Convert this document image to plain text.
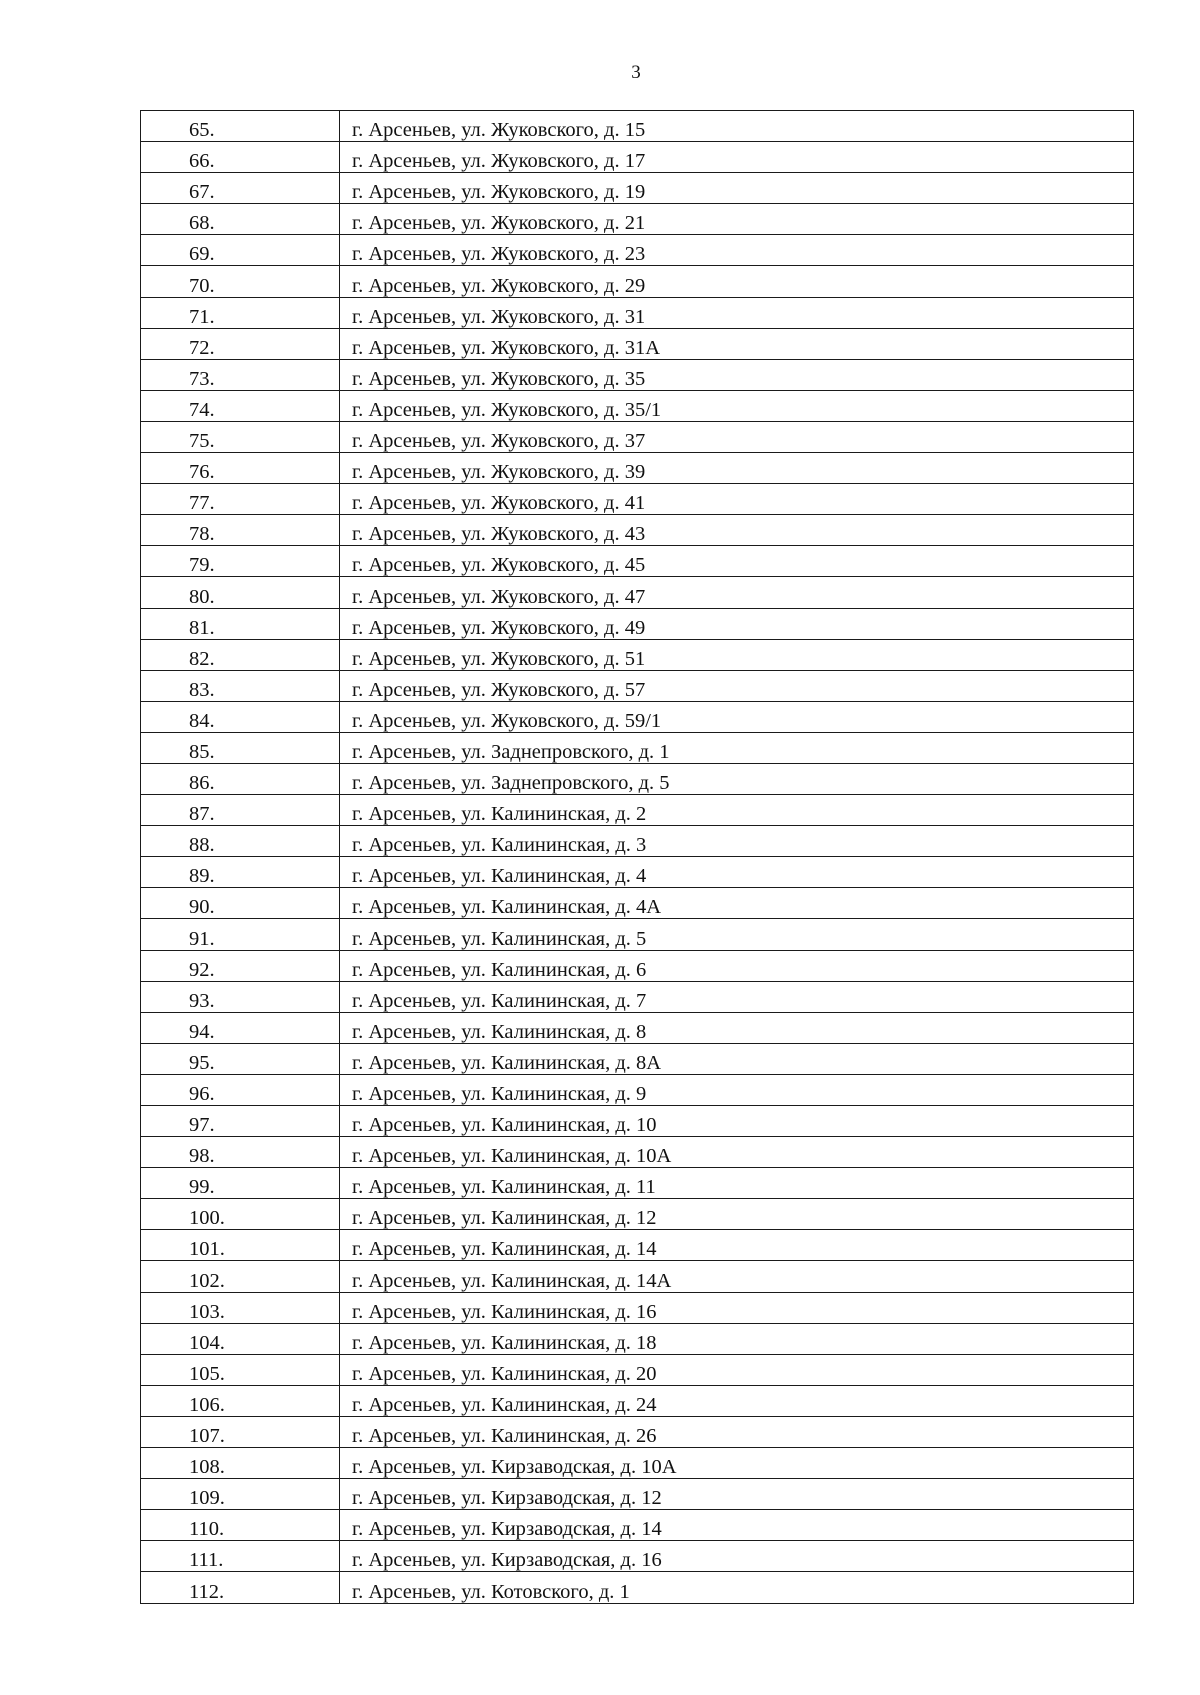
3
65.	г. Арсеньев, ул. Жуковского, д. 15
66.	г. Арсеньев, ул. Жуковского, д. 17
67.	г. Арсеньев, ул. Жуковского, д. 19
68.	г. Арсеньев, ул. Жуковского, д. 21
69.	г. Арсеньев, ул. Жуковского, д. 23
70.	г. Арсеньев, ул. Жуковского, д. 29
71.	г. Арсеньев, ул. Жуковского, д. 31
72.	г. Арсеньев, ул. Жуковского, д. 31А
73.	г. Арсеньев, ул. Жуковского, д. 35
74.	г. Арсеньев, ул. Жуковского, д. 35/1
75.	г. Арсеньев, ул. Жуковского, д. 37
76.	г. Арсеньев, ул. Жуковского, д. 39
77.	г. Арсеньев, ул. Жуковского, д. 41
78.	г. Арсеньев, ул. Жуковского, д. 43
79.	г. Арсеньев, ул. Жуковского, д. 45
80.	г. Арсеньев, ул. Жуковского, д. 47
81.	г. Арсеньев, ул. Жуковского, д. 49
82.	г. Арсеньев, ул. Жуковского, д. 51
83.	г. Арсеньев, ул. Жуковского, д. 57
84.	г. Арсеньев, ул. Жуковского, д. 59/1
85.	г. Арсеньев, ул. Заднепровского, д. 1
86.	г. Арсеньев, ул. Заднепровского, д. 5
87.	г. Арсеньев, ул. Калининская, д. 2
88.	г. Арсеньев, ул. Калининская, д. 3
89.	г. Арсеньев, ул. Калининская, д. 4
90.	г. Арсеньев, ул. Калининская, д. 4А
91.	г. Арсеньев, ул. Калининская, д. 5
92.	г. Арсеньев, ул. Калининская, д. 6
93.	г. Арсеньев, ул. Калининская, д. 7
94.	г. Арсеньев, ул. Калининская, д. 8
95.	г. Арсеньев, ул. Калининская, д. 8А
96.	г. Арсеньев, ул. Калининская, д. 9
97.	г. Арсеньев, ул. Калининская, д. 10
98.	г. Арсеньев, ул. Калининская, д. 10А
99.	г. Арсеньев, ул. Калининская, д. 11
100.	г. Арсеньев, ул. Калининская, д. 12
101.	г. Арсеньев, ул. Калининская, д. 14
102.	г. Арсеньев, ул. Калининская, д. 14А
103.	г. Арсеньев, ул. Калининская, д. 16
104.	г. Арсеньев, ул. Калининская, д. 18
105.	г. Арсеньев, ул. Калининская, д. 20
106.	г. Арсеньев, ул. Калининская, д. 24
107.	г. Арсеньев, ул. Калининская, д. 26
108.	г. Арсеньев, ул. Кирзаводская, д. 10А
109.	г. Арсеньев, ул. Кирзаводская, д. 12
110.	г. Арсеньев, ул. Кирзаводская, д. 14
111.	г. Арсеньев, ул. Кирзаводская, д. 16
112.	г. Арсеньев, ул. Котовского, д. 1
